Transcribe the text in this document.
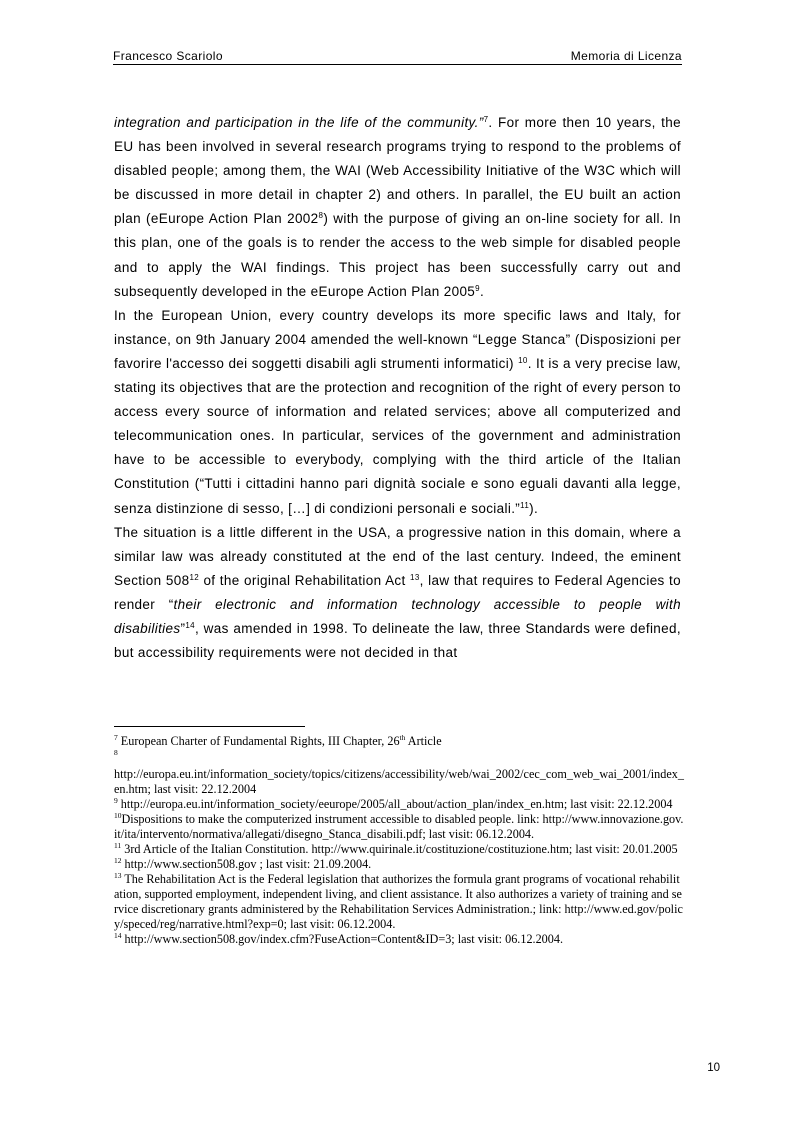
Francesco Scariolo	Memoria di Licenza

integration and participation in the life of the community.”$^7$. For more then 10 years, the EU has been involved in several research programs trying to respond to the problems of disabled people; among them, the WAI (Web Accessibility Initiative of the W3C which will be discussed in more detail in chapter 2) and others. In parallel, the EU built an action plan (eEurope Action Plan 2002$^8$) with the purpose of giving an on-line society for all. In this plan, one of the goals is to render the access to the web simple for disabled people and to apply the WAI findings. This project has been successfully carry out and subsequently developed in the eEurope Action Plan 2005$^9$.

In the European Union, every country develops its more specific laws and Italy, for instance, on 9th January 2004 amended the well-known “Legge Stanca” (Disposizioni per favorire l'accesso dei soggetti disabili agli strumenti informatici) $^{10}$. It is a very precise law, stating its objectives that are the protection and recognition of the right of every person to access every source of information and related services; above all computerized and telecommunication ones. In particular, services of the government and administration have to be accessible to everybody, complying with the third article of the Italian Constitution (“Tutti i cittadini hanno pari dignità sociale e sono eguali davanti alla legge, senza distinzione di sesso, […] di condizioni personali e sociali.”$^{11}$).

The situation is a little different in the USA, a progressive nation in this domain, where a similar law was already constituted at the end of the last century. Indeed, the eminent Section $508^{12}$ of the original Rehabilitation Act $^{13}$, law that requires to Federal Agencies to render “their electronic and information technology accessible to people with disabilities”$^{14}$, was amended in 1998. To delineate the law, three Standards were defined, but accessibility requirements were not decided in that

$^7$ European Charter of Fundamental Rights, III Chapter, 26th Article

$^8$

http://europa.eu.int/information_society/topics/citizens/accessibility/web/wai_2002/cec_com_web_wai_2001/index_en.htm; last visit: 22.12.2004

$^9$ http://europa.eu.int/information_society/eeurope/2005/all_about/action_plan/index_en.htm; last visit: 22.12.2004

$^{10}$Dispositions to make the computerized instrument accessible to disabled people. link: http://www.innovazione.gov.it/ita/intervento/normativa/allegati/disegno_Stanca_disabili.pdf; last visit: 06.12.2004.

$^{11}$ 3rd Article of the Italian Constitution. http://www.quirinale.it/costituzione/costituzione.htm; last visit: 20.01.2005

$^{12}$ http://www.section508.gov ; last visit: 21.09.2004.

$^{13}$ The Rehabilitation Act is the Federal legislation that authorizes the formula grant programs of vocational rehabilitation, supported employment, independent living, and client assistance. It also authorizes a variety of training and service discretionary grants administered by the Rehabilitation Services Administration.; link: http://www.ed.gov/policy/speced/reg/narrative.html?exp=0; last visit: 06.12.2004.

$^{14}$ http://www.section508.gov/index.cfm?FuseAction=Content&ID=3; last visit: 06.12.2004.

10
